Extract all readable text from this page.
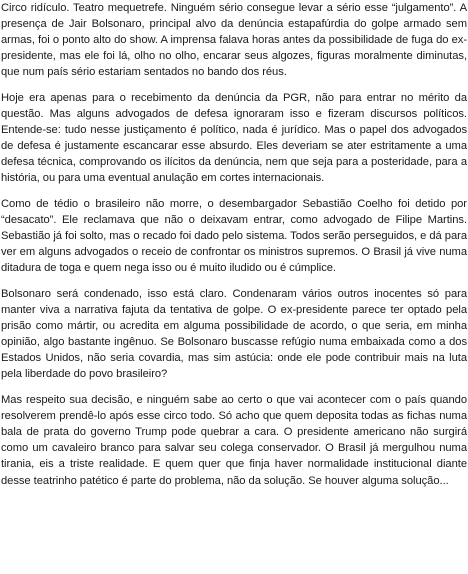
Circo ridículo. Teatro mequetrefe. Ninguém sério consegue levar a sério esse “julgamento”. A presença de Jair Bolsonaro, principal alvo da denúncia estapafúrdia do golpe armado sem armas, foi o ponto alto do show. A imprensa falava horas antes da possibilidade de fuga do ex-presidente, mas ele foi lá, olho no olho, encarar seus algozes, figuras moralmente diminutas, que num país sério estariam sentados no bando dos réus.

Hoje era apenas para o recebimento da denúncia da PGR, não para entrar no mérito da questão. Mas alguns advogados de defesa ignoraram isso e fizeram discursos políticos. Entende-se: tudo nesse justiçamento é político, nada é jurídico. Mas o papel dos advogados de defesa é justamente escancarar esse absurdo. Eles deveriam se ater estritamente a uma defesa técnica, comprovando os ilícitos da denúncia, nem que seja para a posteridade, para a história, ou para uma eventual anulação em cortes internacionais.

Como de tédio o brasileiro não morre, o desembargador Sebastião Coelho foi detido por “desacato”. Ele reclamava que não o deixavam entrar, como advogado de Filipe Martins. Sebastião já foi solto, mas o recado foi dado pelo sistema. Todos serão perseguidos, e dá para ver em alguns advogados o receio de confrontar os ministros supremos. O Brasil já vive numa ditadura de toga e quem nega isso ou é muito iludido ou é cúmplice.

Bolsonaro será condenado, isso está claro. Condenaram vários outros inocentes só para manter viva a narrativa fajuta da tentativa de golpe. O ex-presidente parece ter optado pela prisão como mártir, ou acredita em alguma possibilidade de acordo, o que seria, em minha opinião, algo bastante ingênuo. Se Bolsonaro buscasse refúgio numa embaixada como a dos Estados Unidos, não seria covardia, mas sim astúcia: onde ele pode contribuir mais na luta pela liberdade do povo brasileiro?

Mas respeito sua decisão, e ninguém sabe ao certo o que vai acontecer com o país quando resolverem prendê-lo após esse circo todo. Só acho que quem deposita todas as fichas numa bala de prata do governo Trump pode quebrar a cara. O presidente americano não surgirá como um cavaleiro branco para salvar seu colega conservador. O Brasil já mergulhou numa tirania, eis a triste realidade. E quem quer que finja haver normalidade institucional diante desse teatrinho patético é parte do problema, não da solução. Se houver alguma solução...
